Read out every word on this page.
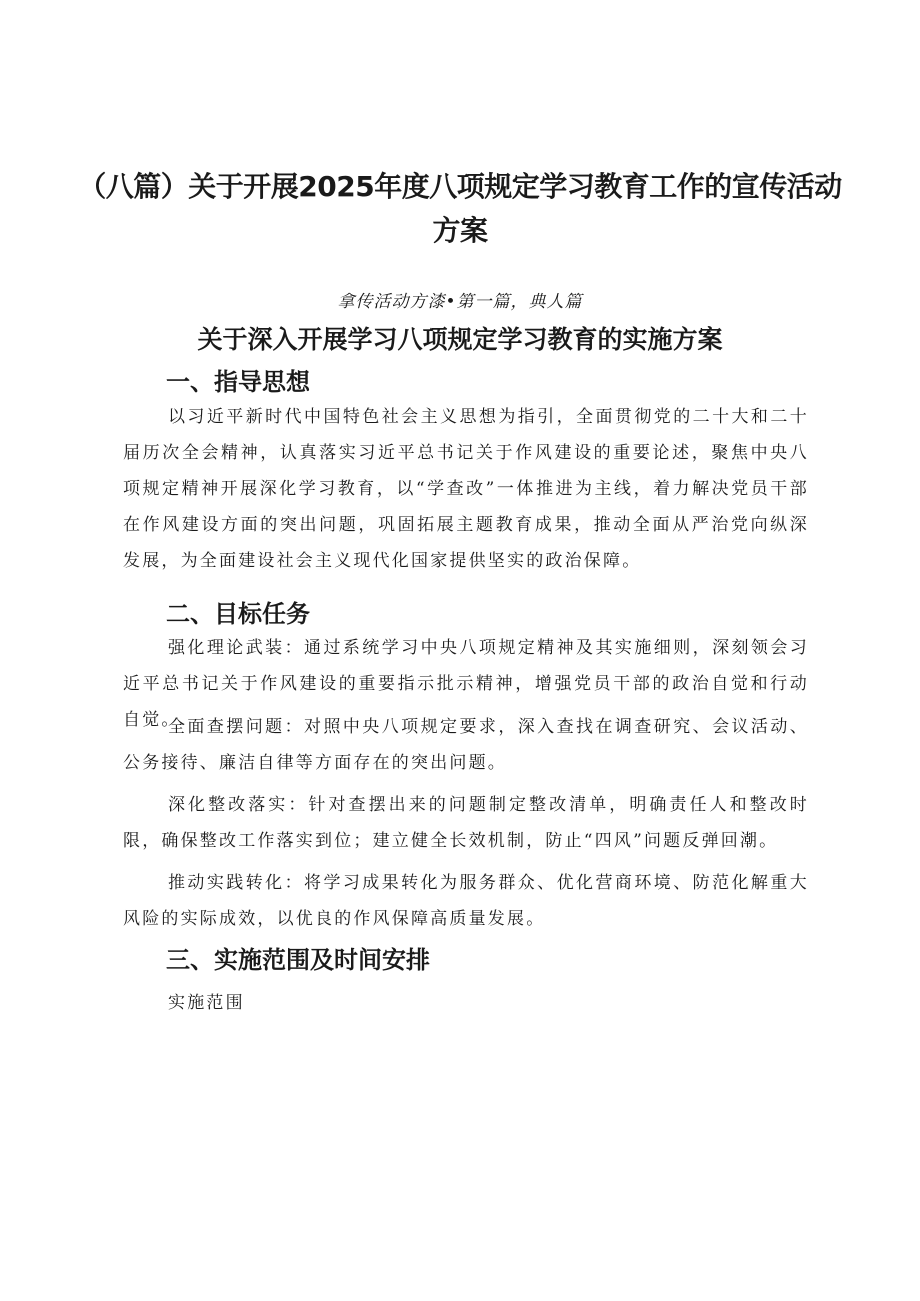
（八篇）关于开展2025年度八项规定学习教育工作的宣传活动
方案
拿传活动方漆•第一篇，典人篇
关于深入开展学习八项规定学习教育的实施方案
一、指导思想

以习近平新时代中国特色社会主义思想为指引，全面贯彻党的二十大和二十届历次全会精神，认真落实习近平总书记关于作风建设的重要论述，聚焦中央八项规定精神开展深化学习教育，以“学查改”一体推进为主线，着力解决党员干部在作风建设方面的突出问题，巩固拓展主题教育成果，推动全面从严治党向纵深发展，为全面建设社会主义现代化国家提供坚实的政治保障。

二、目标任务

强化理论武装：通过系统学习中央八项规定精神及其实施细则，深刻领会习近平总书记关于作风建设的重要指示批示精神，增强党员干部的政治自觉和行动自觉。

全面查摆问题：对照中央八项规定要求，深入查找在调查研究、会议活动、公务接待、廉洁自律等方面存在的突出问题。

深化整改落实：针对查摆出来的问题制定整改清单，明确责任人和整改时限，确保整改工作落实到位；建立健全长效机制，防止“四风”问题反弹回潮。

推动实践转化：将学习成果转化为服务群众、优化营商环境、防范化解重大风险的实际成效，以优良的作风保障高质量发展。

三、实施范围及时间安排
实施范围
